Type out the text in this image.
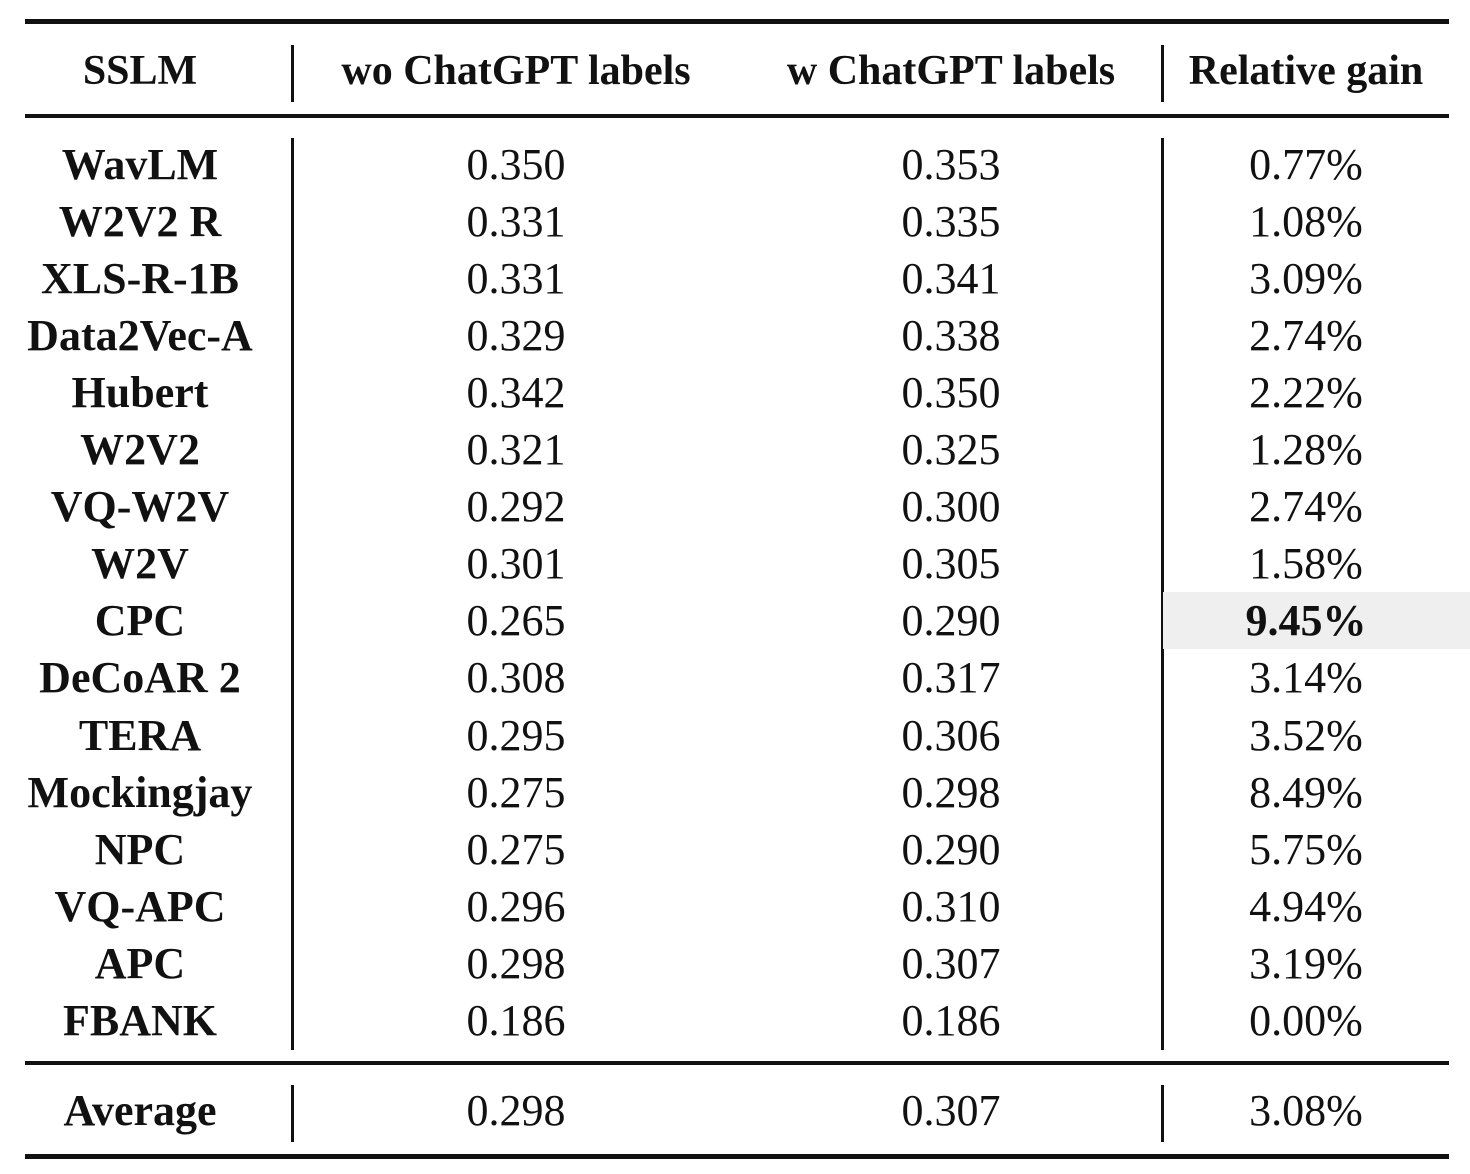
SSLM	wo ChatGPT labels	w ChatGPT labels	Relative gain
WavLM	0.350	0.353	0.77%
W2V2 R	0.331	0.335	1.08%
XLS-R-1B	0.331	0.341	3.09%
Data2Vec-A	0.329	0.338	2.74%
Hubert	0.342	0.350	2.22%
W2V2	0.321	0.325	1.28%
VQ-W2V	0.292	0.300	2.74%
W2V	0.301	0.305	1.58%
CPC	0.265	0.290	9.45%
DeCoAR 2	0.308	0.317	3.14%
TERA	0.295	0.306	3.52%
Mockingjay	0.275	0.298	8.49%
NPC	0.275	0.290	5.75%
VQ-APC	0.296	0.310	4.94%
APC	0.298	0.307	3.19%
FBANK	0.186	0.186	0.00%
Average	0.298	0.307	3.08%
